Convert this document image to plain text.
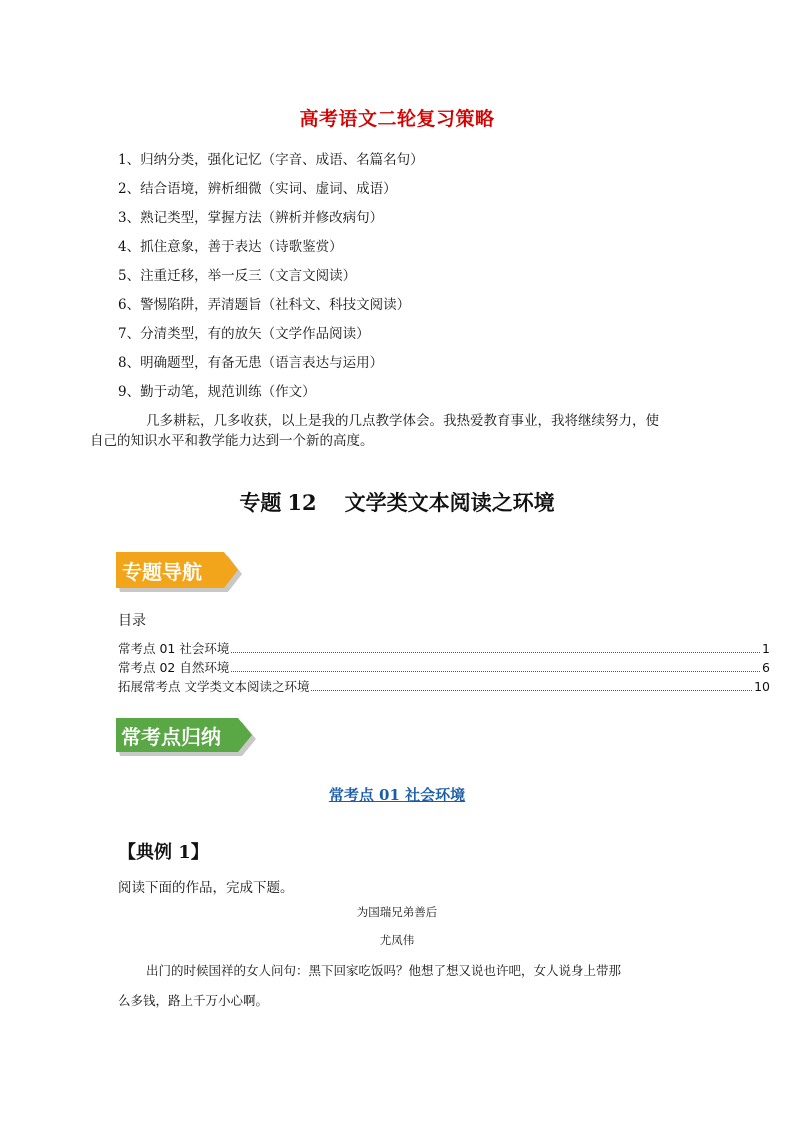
高考语文二轮复习策略
1、归纳分类，强化记忆（字音、成语、名篇名句）
2、结合语境，辨析细微（实词、虚词、成语）
3、熟记类型，掌握方法（辨析并修改病句）
4、抓住意象，善于表达（诗歌鉴赏）
5、注重迁移，举一反三（文言文阅读）
6、警惕陷阱，弄清题旨（社科文、科技文阅读）
7、分清类型，有的放矢（文学作品阅读）
8、明确题型，有备无患（语言表达与运用）
9、勤于动笔，规范训练（作文）
几多耕耘，几多收获，以上是我的几点教学体会。我热爱教育事业，我将继续努力，使
自己的知识水平和教学能力达到一个新的高度。
专题 12 文学类文本阅读之环境
专题导航
目录
常考点 01 社会环境	1
常考点 02 自然环境	6
拓展常考点 文学类文本阅读之环境	10
常考点归纳
常考点 01 社会环境
【典例 1】
阅读下面的作品，完成下题。
为国瑞兄弟善后
尤凤伟
出门的时候国祥的女人问句：黑下回家吃饭吗？他想了想又说也许吧，女人说身上带那
么多钱，路上千万小心啊。
